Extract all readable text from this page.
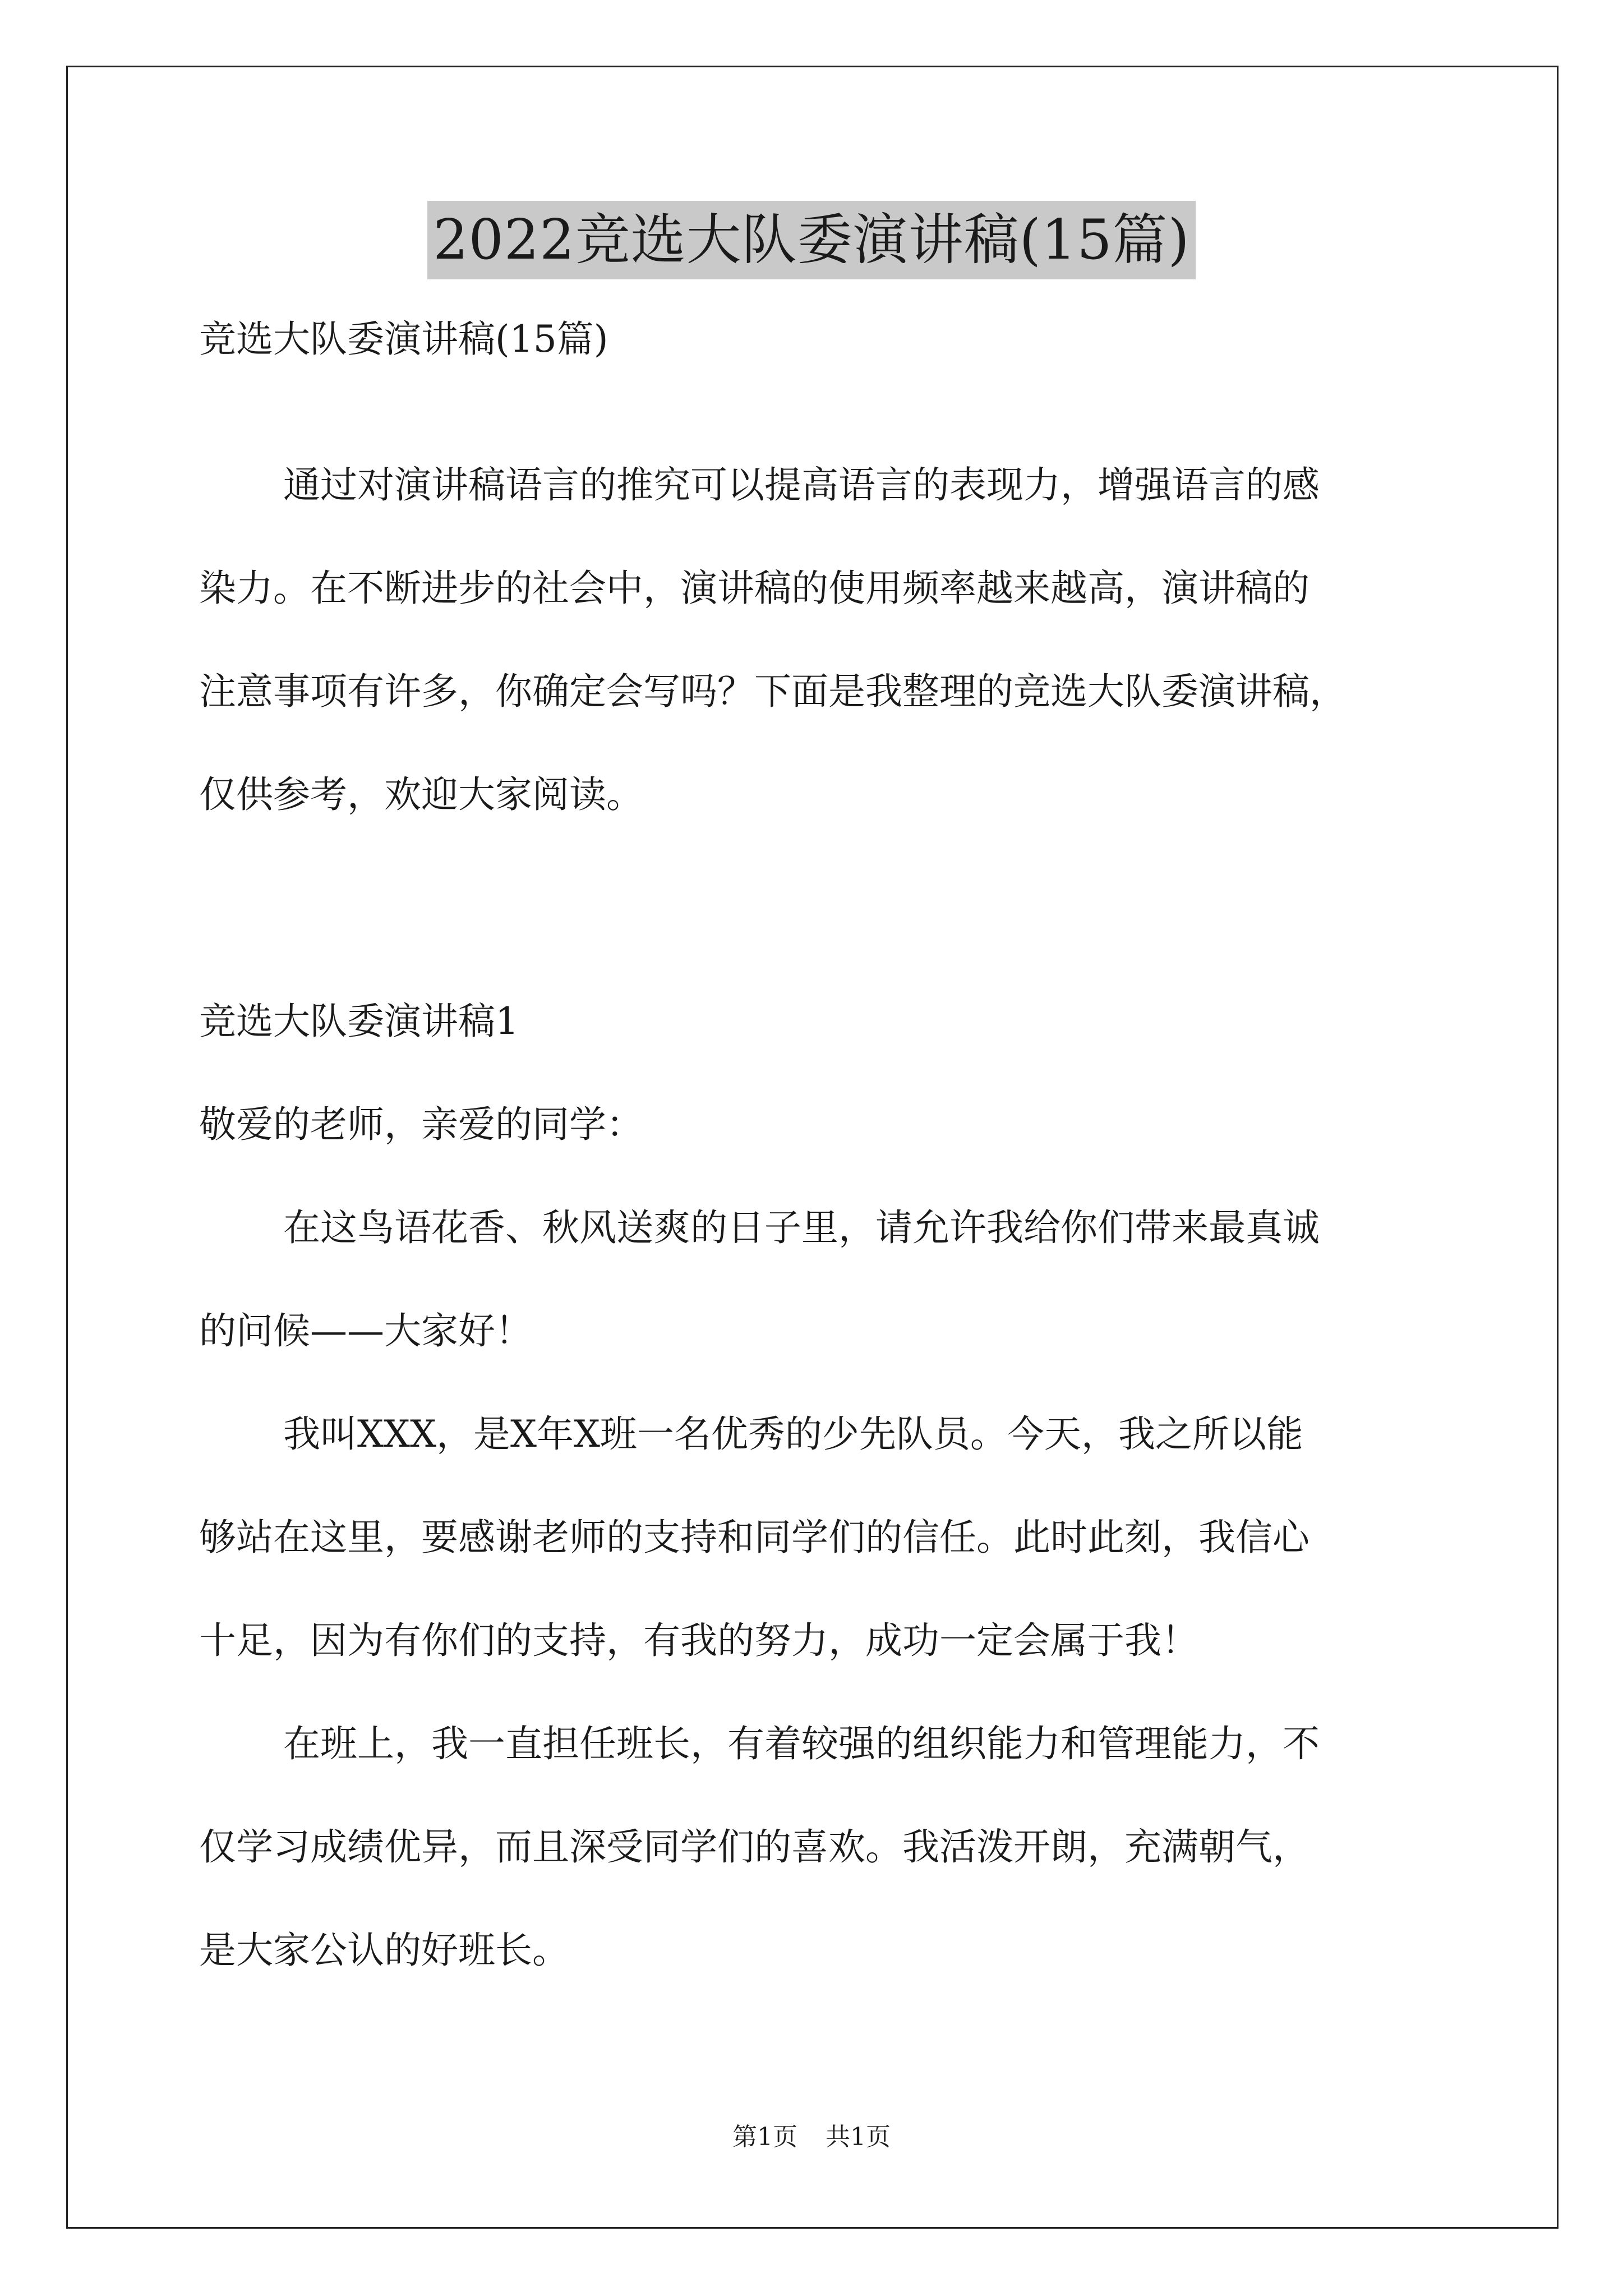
2022竞选大队委演讲稿(15篇)
竞选大队委演讲稿(15篇)
通过对演讲稿语言的推究可以提高语言的表现力，增强语言的感
染力。在不断进步的社会中，演讲稿的使用频率越来越高，演讲稿的
注意事项有许多，你确定会写吗？下面是我整理的竞选大队委演讲稿，
仅供参考，欢迎大家阅读。
竞选大队委演讲稿1
敬爱的老师，亲爱的同学：
在这鸟语花香、秋风送爽的日子里，请允许我给你们带来最真诚
的问候——大家好！
我叫XXX，是X年X班一名优秀的少先队员。今天，我之所以能
够站在这里，要感谢老师的支持和同学们的信任。此时此刻，我信心
十足，因为有你们的支持，有我的努力，成功一定会属于我！
在班上，我一直担任班长，有着较强的组织能力和管理能力，不
仅学习成绩优异，而且深受同学们的喜欢。我活泼开朗，充满朝气，
是大家公认的好班长。
第1页 共1页
